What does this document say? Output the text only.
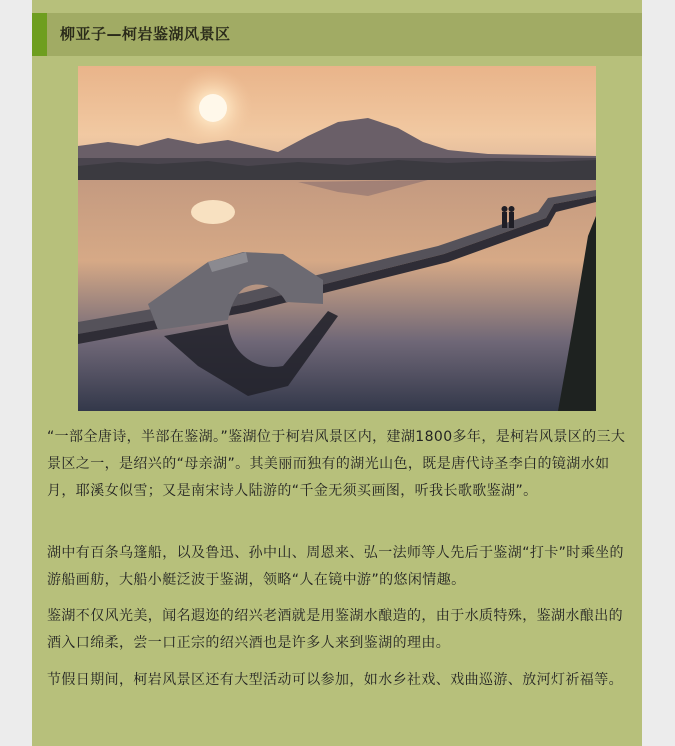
柳亚子—柯岩鉴湖风景区

“一部全唐诗，半部在鉴湖。”鉴湖位于柯岩风景区内，建湖1800多年，是柯岩风景区的三大景区之一，是绍兴的“母亲湖”。其美丽而独有的湖光山色，既是唐代诗圣李白的镜湖水如月，耶溪女似雪；又是南宋诗人陆游的“千金无须买画图，听我长歌歌鉴湖”。

湖中有百条乌篷船，以及鲁迅、孙中山、周恩来、弘一法师等人先后于鉴湖“打卡”时乘坐的游船画舫，大船小艇泛波于鉴湖，领略“人在镜中游”的悠闲情趣。

鉴湖不仅风光美，闻名遐迩的绍兴老酒就是用鉴湖水酿造的，由于水质特殊，鉴湖水酿出的酒入口绵柔，尝一口正宗的绍兴酒也是许多人来到鉴湖的理由。

节假日期间，柯岩风景区还有大型活动可以参加，如水乡社戏、戏曲巡游、放河灯祈福等。
